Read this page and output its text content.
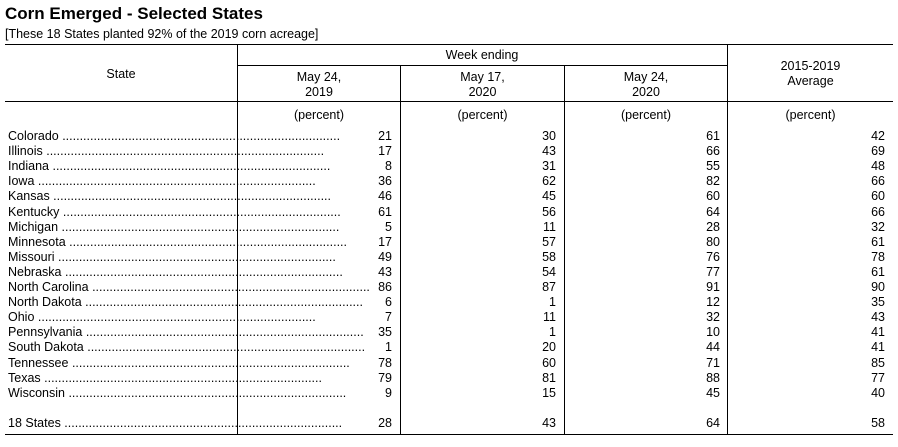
Corn Emerged - Selected States
[These 18 States planted 92% of the 2019 corn acreage]
State
Week ending
May 24,
2019
May 17,
2020
May 24,
2020
2015-2019
Average
(percent)	(percent)	(percent)	(percent)
Colorado ................................................................................	21	30	61	42
Illinois ................................................................................	17	43	66	69
Indiana ................................................................................	8	31	55	48
Iowa ................................................................................	36	62	82	66
Kansas ................................................................................	46	45	60	60
Kentucky ................................................................................	61	56	64	66
Michigan ................................................................................	5	11	28	32
Minnesota ................................................................................ 17	57	80	61
Missouri ................................................................................	49	58	76	78
Nebraska ................................................................................	43	54	77	61
North Carolina ................................................................................ 86	87	91	90
North Dakota ................................................................................ 6	1	12	35
Ohio ................................................................................	7	11	32	43
Pennsylvania ................................................................................ 35	1	10	41
South Dakota ................................................................................ 1	20	44	41
Tennessee ................................................................................ 78	60	71	85
Texas ................................................................................	79	81	88	77
Wisconsin ................................................................................	9	15	45	40
18 States ................................................................................	28	43	64	58
